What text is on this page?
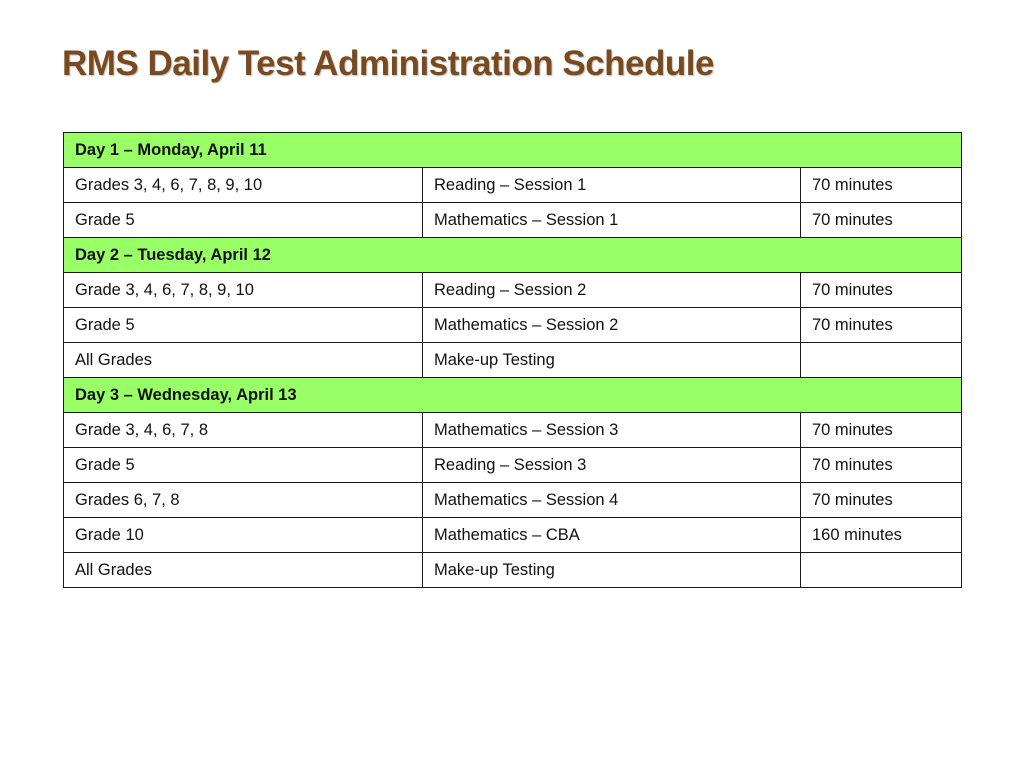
RMS Daily Test Administration Schedule
Day 1 – Monday, April 11		
Grades 3, 4, 6, 7, 8, 9, 10	Reading – Session 1	70 minutes
Grade 5	Mathematics – Session 1	70 minutes
Day 2 – Tuesday, April 12		
Grade 3, 4, 6, 7, 8, 9, 10	Reading – Session 2	70 minutes
Grade 5	Mathematics – Session 2	70 minutes
All Grades	Make-up Testing	
Day 3 – Wednesday, April 13		
Grade 3, 4, 6, 7, 8	Mathematics – Session 3	70 minutes
Grade 5	Reading – Session 3	70 minutes
Grades 6, 7, 8	Mathematics – Session 4	70 minutes
Grade 10	Mathematics – CBA	160 minutes
All Grades	Make-up Testing	
